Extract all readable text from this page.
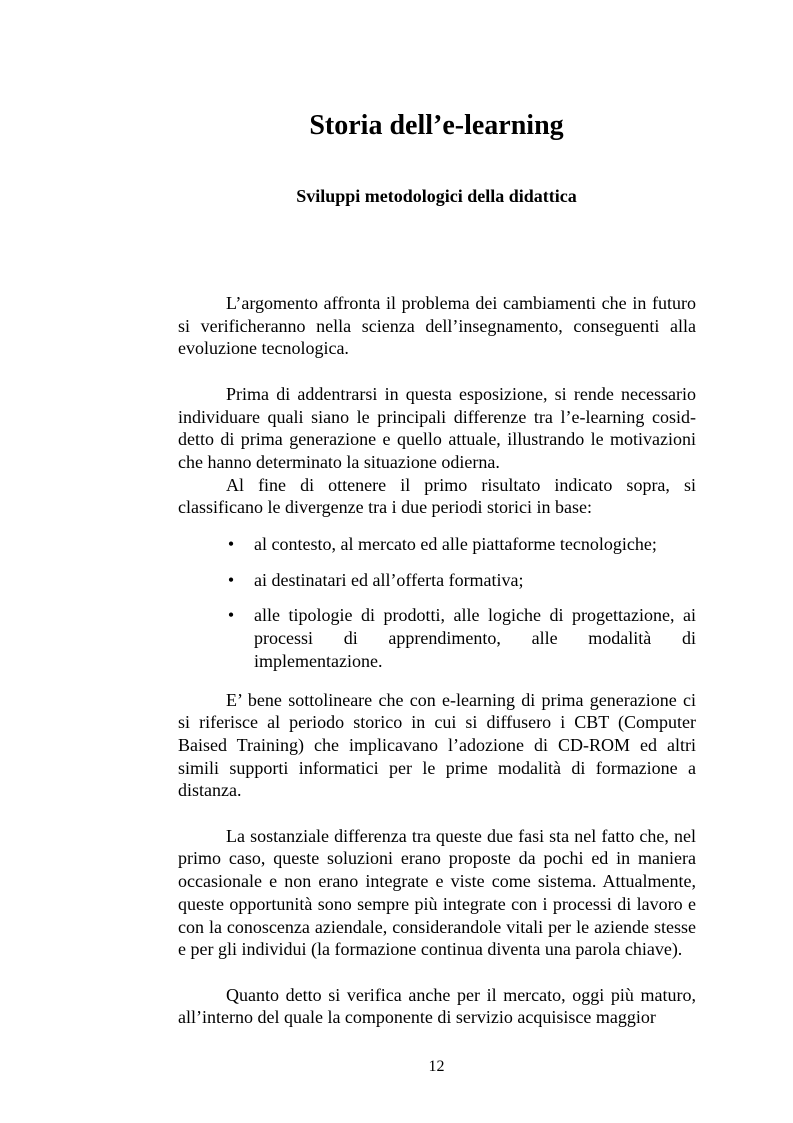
Storia dell’e-learning
Sviluppi metodologici della didattica

L’argomento affronta il problema dei cambiamenti che in futuro si verificheranno nella scienza dell’insegnamento, conseguenti alla evoluzione tecnologica.

Prima di addentrarsi in questa esposizione, si rende necessario individuare quali siano le principali differenze tra l’e-learning cosid-detto di prima generazione e quello attuale, illustrando le motivazioni che hanno determinato la situazione odierna.

Al fine di ottenere il primo risultato indicato sopra, si classificano le divergenze tra i due periodi storici in base:

• al contesto, al mercato ed alle piattaforme tecnologiche;
• ai destinatari ed all’offerta formativa;
• alle tipologie di prodotti, alle logiche di progettazione, ai processi di apprendimento, alle modalità di implementazione.

E’ bene sottolineare che con e-learning di prima generazione ci si riferisce al periodo storico in cui si diffusero i CBT (Computer Baised Training) che implicavano l’adozione di CD-ROM ed altri simili supporti informatici per le prime modalità di formazione a distanza.

La sostanziale differenza tra queste due fasi sta nel fatto che, nel primo caso, queste soluzioni erano proposte da pochi ed in maniera occasionale e non erano integrate e viste come sistema. Attualmente, queste opportunità sono sempre più integrate con i processi di lavoro e con la conoscenza aziendale, considerandole vitali per le aziende stesse e per gli individui (la formazione continua diventa una parola chiave).

Quanto detto si verifica anche per il mercato, oggi più maturo, all’interno del quale la componente di servizio acquisisce maggior

12
